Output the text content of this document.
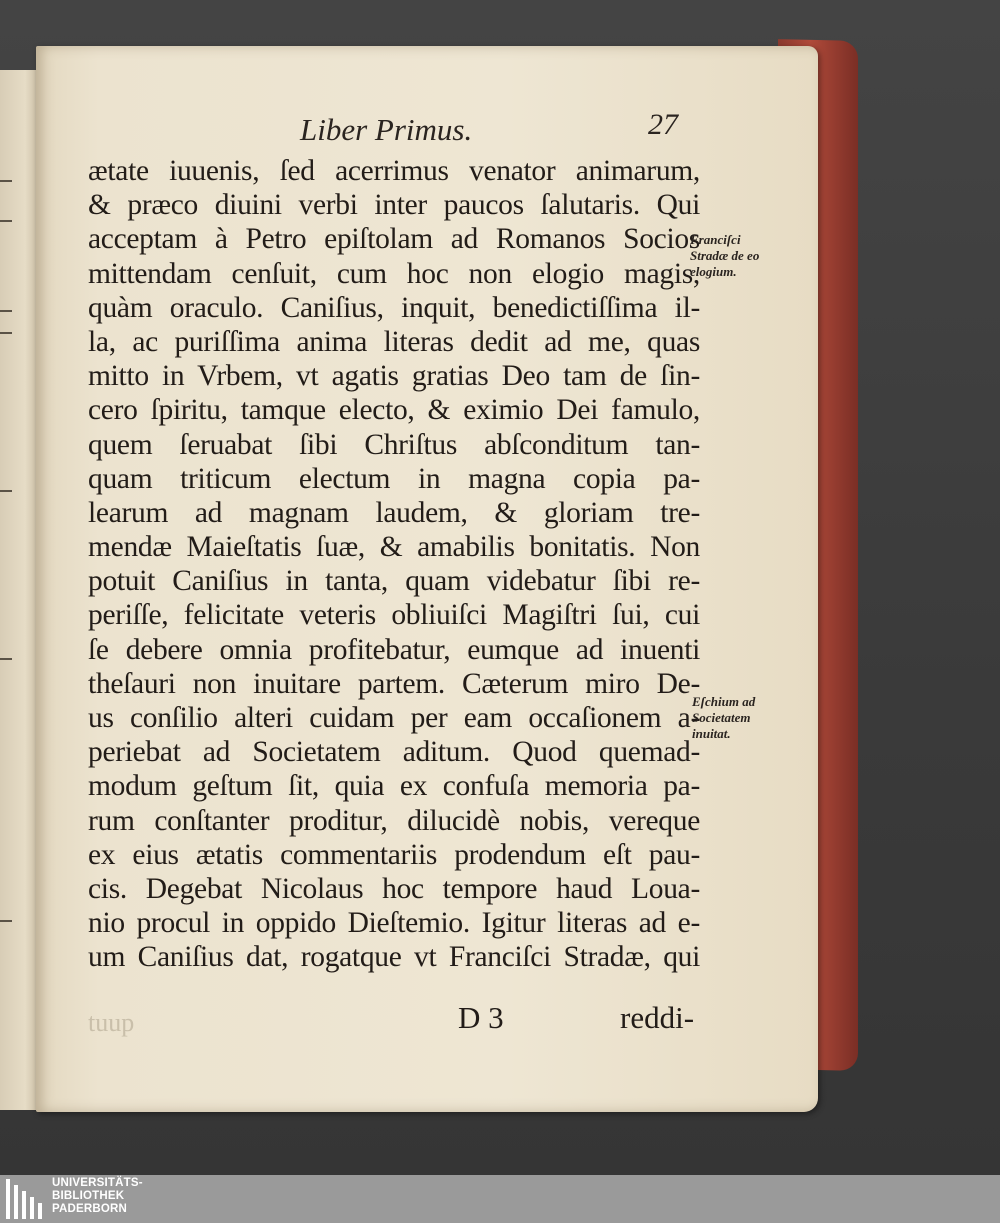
Liber Primus.	27
ætate iuuenis, ſed acerrimus venator animarum,
& præco diuini verbi inter paucos ſalutaris. Qui
acceptam à Petro epiſtolam ad Romanos Socios
mittendam cenſuit, cum hoc non elogio magis,
quàm oraculo. Caniſius, inquit, benedictiſſima il-
la, ac puriſſima anima literas dedit ad me, quas
mitto in Vrbem, vt agatis gratias Deo tam de ſin-
cero ſpiritu, tamque electo, & eximio Dei famulo,
quem ſeruabat ſibi Chriſtus abſconditum tan-
quam triticum electum in magna copia pa-
learum ad magnam laudem, & gloriam tre-
mendæ Maieſtatis ſuæ, & amabilis bonitatis. Non
potuit Caniſius in tanta, quam videbatur ſibi re-
periſſe, felicitate veteris obliuiſci Magiſtri ſui, cui
ſe debere omnia profitebatur, eumque ad inuenti
theſauri non inuitare partem. Cæterum miro De-
us conſilio alteri cuidam per eam occaſionem a-
periebat ad Societatem aditum. Quod quemad-
modum geſtum ſit, quia ex confuſa memoria pa-
rum conſtanter proditur, dilucidè nobis, vereque
ex eius ætatis commentariis prodendum eſt pau-
cis. Degebat Nicolaus hoc tempore haud Loua-
nio procul in oppido Dieſtemio. Igitur literas ad e-
um Caniſius dat, rogatque vt Franciſci Stradæ, qui
Franciſci
Stradæ de eo
elogium.
Eſchium ad
Societatem
inuitat.
tuup	D 3	reddi-
UNIVERSITÄTS-
BIBLIOTHEK
PADERBORN
